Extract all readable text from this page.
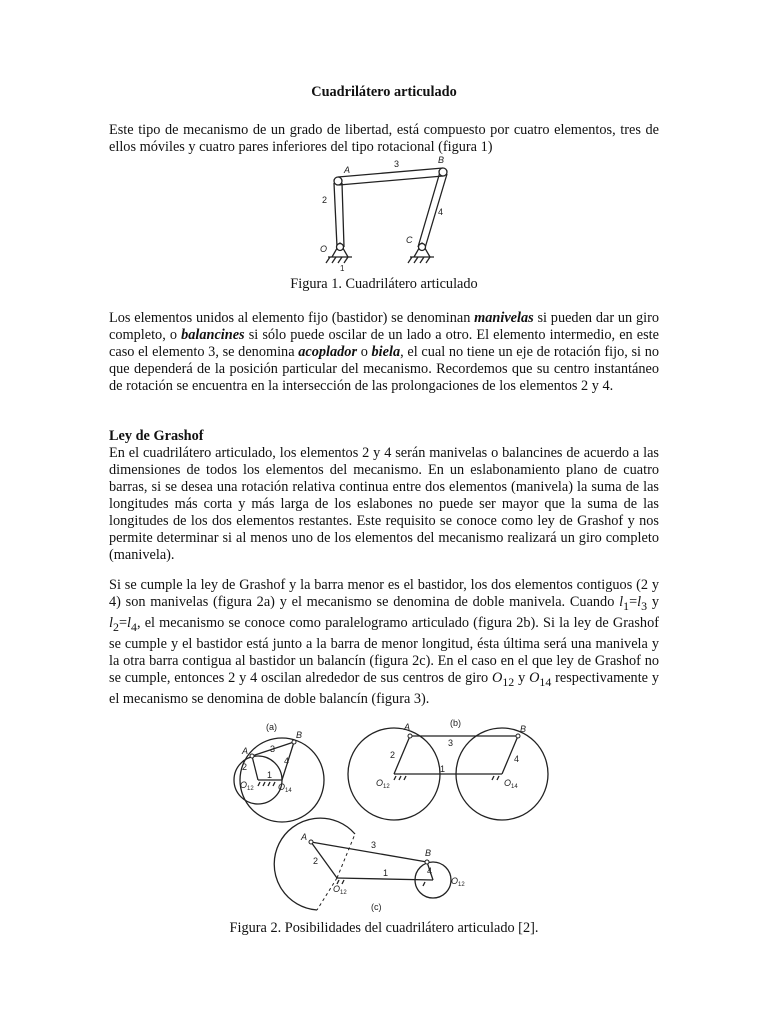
Cuadrilátero articulado
Este tipo de mecanismo de un grado de libertad, está compuesto por cuatro elementos, tres de ellos móviles y cuatro pares inferiores del tipo rotacional (figura 1)
A
B
3
2
4
O
C
1
Figura 1. Cuadrilátero articulado
Los elementos unidos al elemento fijo (bastidor) se denominan manivelas si pueden dar un giro completo, o balancines si sólo puede oscilar de un lado a otro. El elemento intermedio, en este caso el elemento 3, se denomina acoplador o biela, el cual no tiene un eje de rotación fijo, si no que dependerá de la posición particular del mecanismo. Recordemos que su centro instantáneo de rotación se encuentra en la intersección de las prolongaciones de los elementos 2 y 4.
Ley de Grashof
En el cuadrilátero articulado, los elementos 2 y 4 serán manivelas o balancines de acuerdo a las dimensiones de todos los elementos del mecanismo. En un eslabonamiento plano de cuatro barras, si se desea una rotación relativa continua entre dos elementos (manivela) la suma de las longitudes más corta y más larga de los eslabones no puede ser mayor que la suma de las longitudes de los dos elementos restantes. Este requisito se conoce como ley de Grashof y nos permite determinar si al menos uno de los elementos del mecanismo realizará un giro completo (manivela).
Si se cumple la ley de Grashof y la barra menor es el bastidor, los dos elementos contiguos (2 y 4) son manivelas (figura 2a) y el mecanismo se denomina de doble manivela. Cuando $l_1=l_3$ y $l_2=l_4$, el mecanismo se conoce como paralelogramo articulado (figura 2b). Si la ley de Grashof se cumple y el bastidor está junto a la barra de menor longitud, ésta última será una manivela y la otra barra contigua al bastidor un balancín (figura 2c). En el caso en el que ley de Grashof no se cumple, entonces 2 y 4 oscilan alrededor de sus centros de giro $O_{12}$ y $O_{14}$ respectivamente y el mecanismo se denomina de doble balancín (figura 3).
(a)
A
B
3
2
4
1
$O_{12}$	$O_{14}$
(b)
A	B
3
2	4
1
$O_{12}$	$O_{14}$
A
B
3
2
4
1
$O_{12}$
$O_{12}$
(c)
Figura 2. Posibilidades del cuadrilátero articulado [2].
